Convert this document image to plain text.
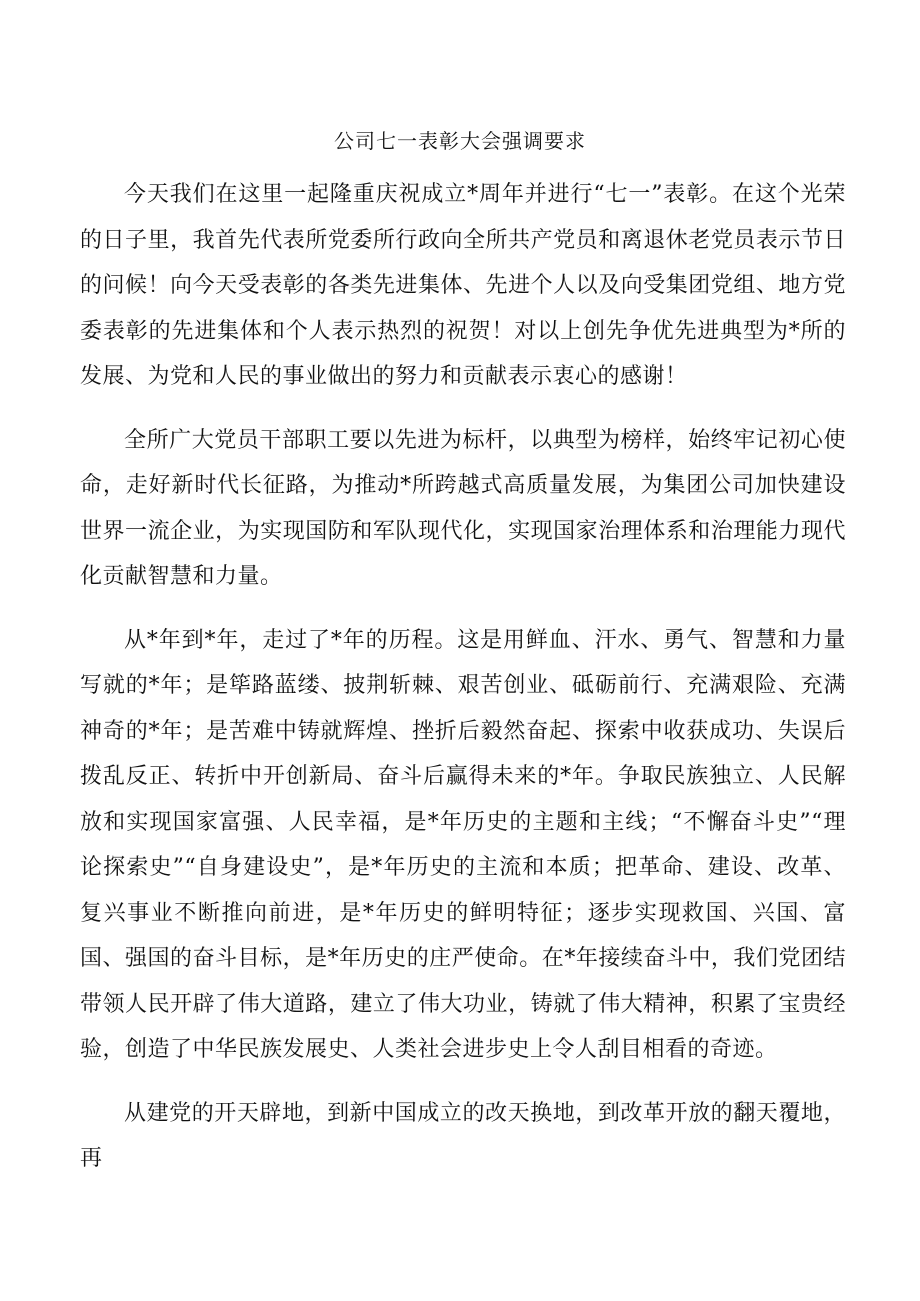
公司七一表彰大会强调要求

今天我们在这里一起隆重庆祝成立*周年并进行“七一”表彰。在这个光荣的日子里，我首先代表所党委所行政向全所共产党员和离退休老党员表示节日的问候！向今天受表彰的各类先进集体、先进个人以及向受集团党组、地方党委表彰的先进集体和个人表示热烈的祝贺！对以上创先争优先进典型为*所的发展、为党和人民的事业做出的努力和贡献表示衷心的感谢！

全所广大党员干部职工要以先进为标杆，以典型为榜样，始终牢记初心使命，走好新时代长征路，为推动*所跨越式高质量发展，为集团公司加快建设世界一流企业，为实现国防和军队现代化，实现国家治理体系和治理能力现代化贡献智慧和力量。

从*年到*年，走过了*年的历程。这是用鲜血、汗水、勇气、智慧和力量写就的*年；是筚路蓝缕、披荆斩棘、艰苦创业、砥砺前行、充满艰险、充满神奇的*年；是苦难中铸就辉煌、挫折后毅然奋起、探索中收获成功、失误后拨乱反正、转折中开创新局、奋斗后赢得未来的*年。争取民族独立、人民解放和实现国家富强、人民幸福，是*年历史的主题和主线；“不懈奋斗史”“理论探索史”“自身建设史”，是*年历史的主流和本质；把革命、建设、改革、复兴事业不断推向前进，是*年历史的鲜明特征；逐步实现救国、兴国、富国、强国的奋斗目标，是*年历史的庄严使命。在*年接续奋斗中，我们党团结带领人民开辟了伟大道路，建立了伟大功业，铸就了伟大精神，积累了宝贵经验，创造了中华民族发展史、人类社会进步史上令人刮目相看的奇迹。

从建党的开天辟地，到新中国成立的改天换地，到改革开放的翻天覆地，再
